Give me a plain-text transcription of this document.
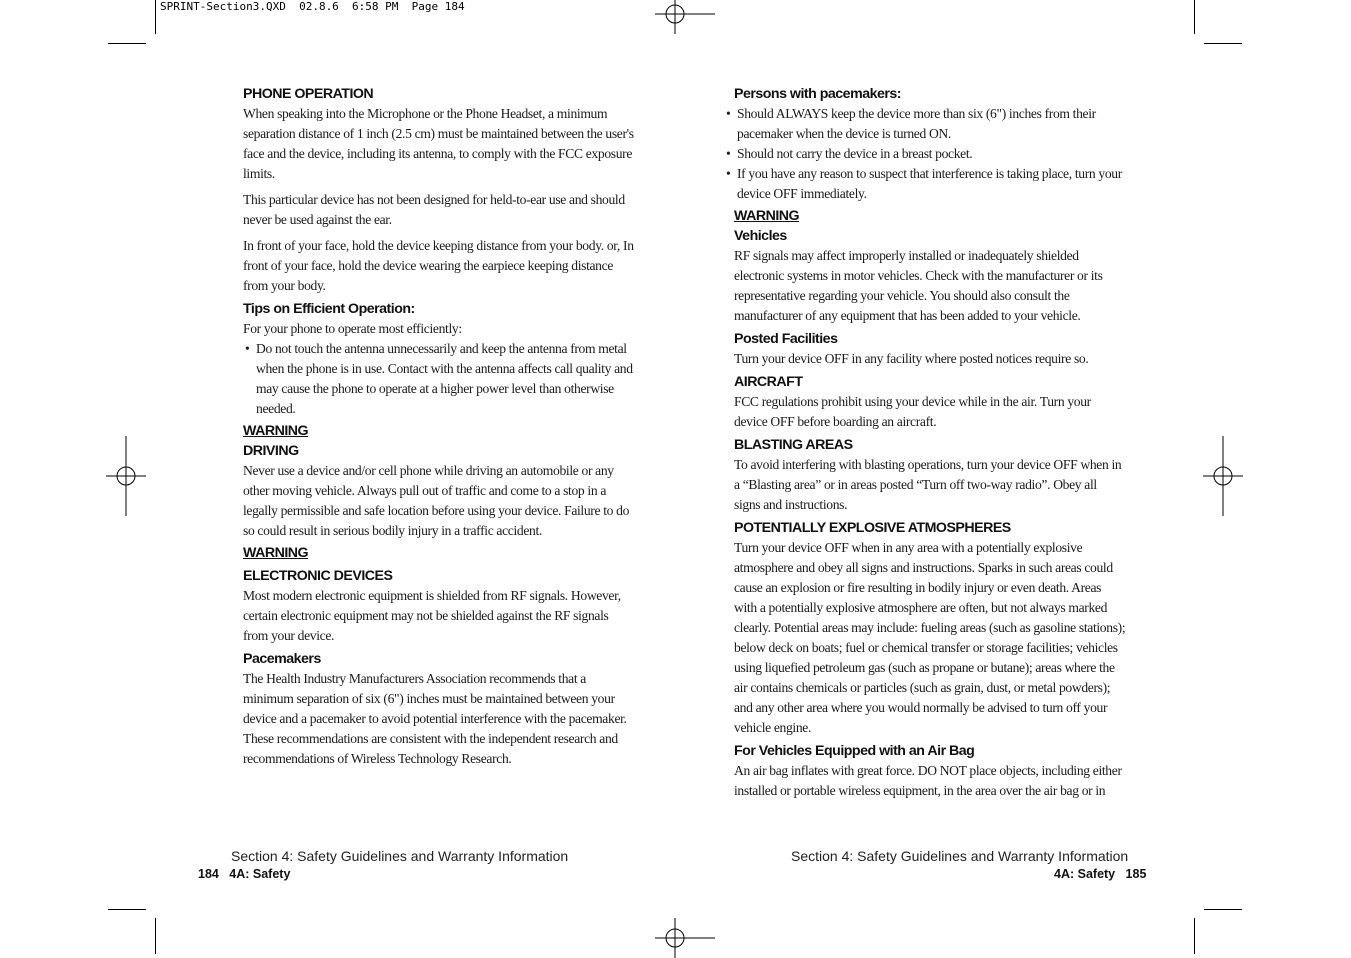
SPRINT-Section3.QXD  02.8.6  6:58 PM  Page 184
PHONE OPERATION

When speaking into the Microphone or the Phone Headset, a minimum separation distance of 1 inch (2.5 cm) must be maintained between the user's face and the device, including its antenna, to comply with the FCC exposure limits.

This particular device has not been designed for held-to-ear use and should never be used against the ear.

In front of your face, hold the device keeping distance from your body. or, In front of your face, hold the device wearing the earpiece keeping distance from your body.

Tips on Efficient Operation:

For your phone to operate most efficiently:

• Do not touch the antenna unnecessarily and keep the antenna from metal when the phone is in use. Contact with the antenna affects call quality and may cause the phone to operate at a higher power level than otherwise needed.
WARNING
DRIVING

Never use a device and/or cell phone while driving an automobile or any other moving vehicle. Always pull out of traffic and come to a stop in a legally permissible and safe location before using your device. Failure to do so could result in serious bodily injury in a traffic accident.

WARNING
ELECTRONIC DEVICES

Most modern electronic equipment is shielded from RF signals. However, certain electronic equipment may not be shielded against the RF signals from your device.

Pacemakers

The Health Industry Manufacturers Association recommends that a minimum separation of six (6") inches must be maintained between your device and a pacemaker to avoid potential interference with the pacemaker. These recommendations are consistent with the independent research and recommendations of Wireless Technology Research.

Section 4: Safety Guidelines and Warranty Information
184   4A: Safety
Persons with pacemakers:
• Should ALWAYS keep the device more than six (6") inches from their pacemaker when the device is turned ON.
• Should not carry the device in a breast pocket.
• If you have any reason to suspect that interference is taking place, turn your device OFF immediately.
WARNING
Vehicles

RF signals may affect improperly installed or inadequately shielded electronic systems in motor vehicles. Check with the manufacturer or its representative regarding your vehicle. You should also consult the manufacturer of any equipment that has been added to your vehicle.

Posted Facilities

Turn your device OFF in any facility where posted notices require so.

AIRCRAFT

FCC regulations prohibit using your device while in the air. Turn your device OFF before boarding an aircraft.

BLASTING AREAS

To avoid interfering with blasting operations, turn your device OFF when in a “Blasting area” or in areas posted “Turn off two-way radio”. Obey all signs and instructions.

POTENTIALLY EXPLOSIVE ATMOSPHERES

Turn your device OFF when in any area with a potentially explosive atmosphere and obey all signs and instructions. Sparks in such areas could cause an explosion or fire resulting in bodily injury or even death. Areas with a potentially explosive atmosphere are often, but not always marked clearly. Potential areas may include: fueling areas (such as gasoline stations); below deck on boats; fuel or chemical transfer or storage facilities; vehicles using liquefied petroleum gas (such as propane or butane); areas where the air contains chemicals or particles (such as grain, dust, or metal powders); and any other area where you would normally be advised to turn off your vehicle engine.

For Vehicles Equipped with an Air Bag

An air bag inflates with great force. DO NOT place objects, including either installed or portable wireless equipment, in the area over the air bag or in

Section 4: Safety Guidelines and Warranty Information
4A: Safety   185
